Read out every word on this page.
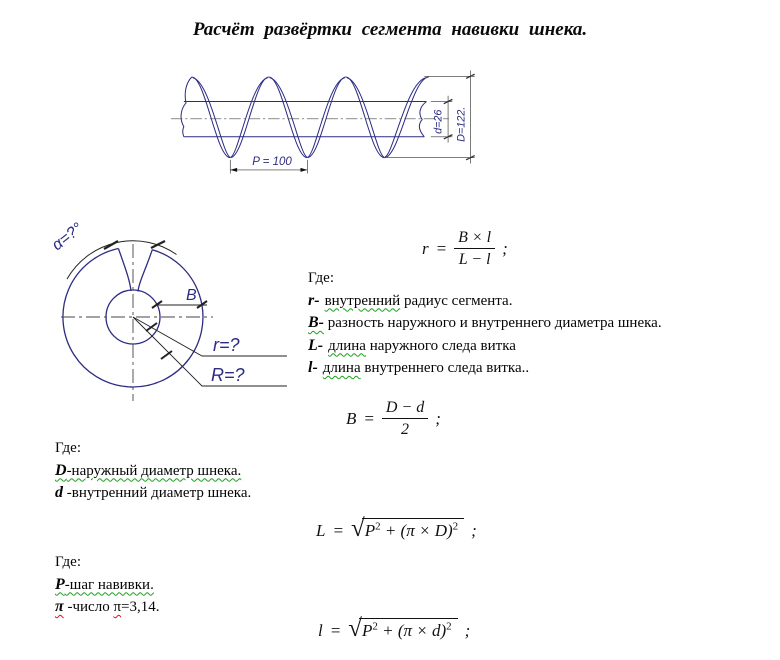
Расчёт развёртки сегмента навивки шнека.
P = 100
d=26 D=122.
α=?°
B
r=?
R=?
$r = \frac{B \times l}{L - l}$ ;
Где:
r- внутренний радиус сегмента.
B- разность наружного и внутреннего диаметра шнека.
L- длина наружного следа витка
l- длина внутреннего следа витка..
$B = \frac{D - d}{2}$ ;
Где:
D-наружный диаметр шнека.
d -внутренний диаметр шнека.
L = √ $P^2 + (\pi \times D)^2$ ;
Где:
P-шаг навивки.
π -число π=3,14.
l = √ $P^2 + (\pi \times d)^2$ ;
